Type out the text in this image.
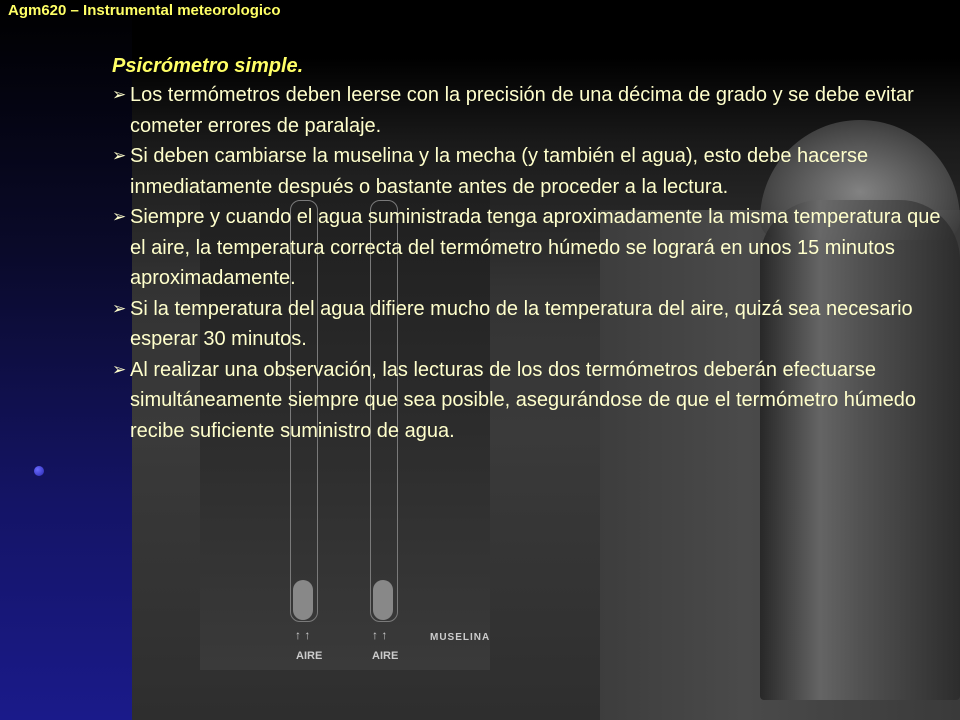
↑ ↑	↑ ↑
AIRE	AIRE
MUSELINA
Agm620 – Instrumental meteorologico

Psicrómetro simple.

➢ Los termómetros deben leerse con la precisión de una décima de grado y se debe evitar cometer errores de paralaje.
➢ Si deben cambiarse la muselina y la mecha (y también el agua), esto debe hacerse inmediatamente después o bastante antes de proceder a la lectura.
➢ Siempre y cuando el agua suministrada tenga aproximadamente la misma temperatura que el aire, la temperatura correcta del termómetro húmedo se logrará en unos 15 minutos aproximadamente.
➢ Si la temperatura del agua difiere mucho de la temperatura del aire, quizá sea necesario esperar 30 minutos.
➢ Al realizar una observación, las lecturas de los dos termómetros deberán efectuarse simultáneamente siempre que sea posible, asegurándose de que el termómetro húmedo recibe suficiente suministro de agua.
